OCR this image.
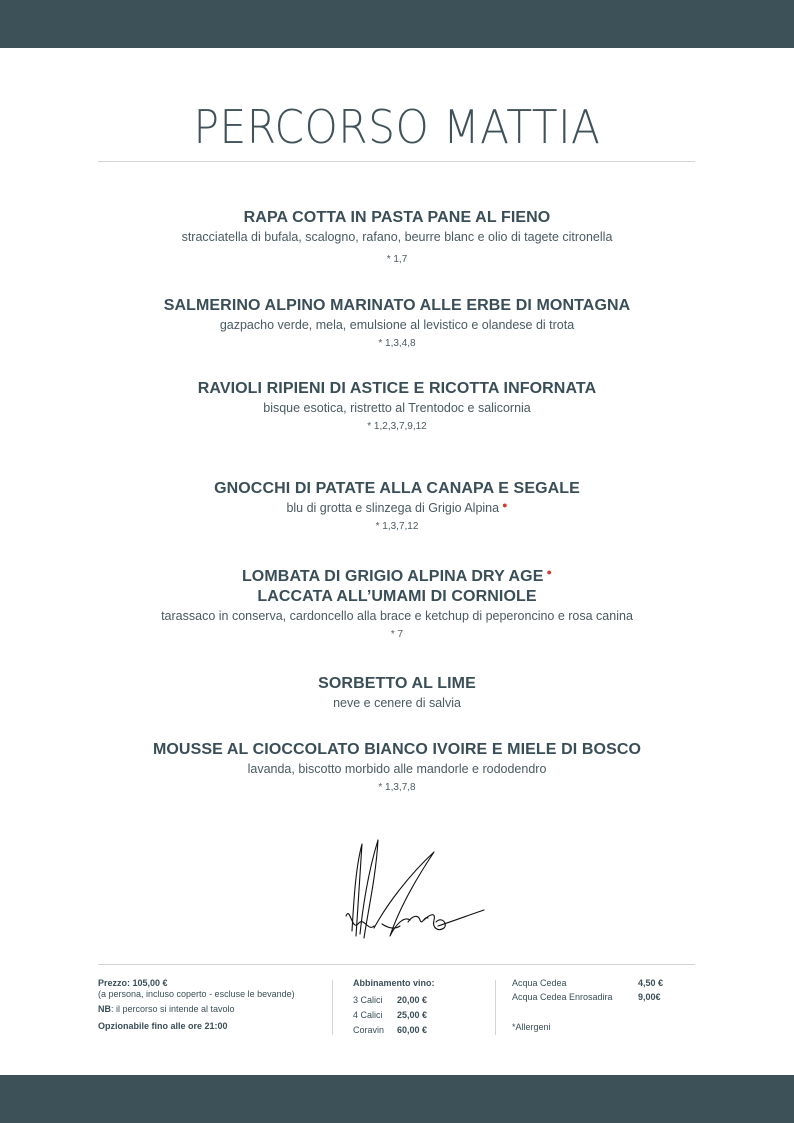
PERCORSO MATTIA
RAPA COTTA IN PASTA PANE AL FIENO
stracciatella di bufala, scalogno, rafano, beurre blanc e olio di tagete citronella
* 1,7
SALMERINO ALPINO MARINATO ALLE ERBE DI MONTAGNA
gazpacho verde, mela, emulsione al levistico e olandese di trota
* 1,3,4,8
RAVIOLI RIPIENI DI ASTICE E RICOTTA INFORNATA
bisque esotica, ristretto al Trentodoc e salicornia
* 1,2,3,7,9,12
GNOCCHI DI PATATE ALLA CANAPA E SEGALE
blu di grotta e slinzega di Grigio Alpina ●
* 1,3,7,12
LOMBATA DI GRIGIO ALPINA DRY AGE ●
LACCATA ALL’UMAMI DI CORNIOLE
tarassaco in conserva, cardoncello alla brace e ketchup di peperoncino e rosa canina
* 7
SORBETTO AL LIME
neve e cenere di salvia
MOUSSE AL CIOCCOLATO BIANCO IVOIRE E MIELE DI BOSCO
lavanda, biscotto morbido alle mandorle e rododendro
* 1,3,7,8
Prezzo: 105,00 €
(a persona, incluso coperto - escluse le bevande)
NB: il percorso si intende al tavolo
Opzionabile fino alle ore 21:00
Abbinamento vino:
3 Calici	20,00 €
4 Calici	25,00 €
Coravin	60,00 €
Acqua Cedea	4,50 €
Acqua Cedea Enrosadira	9,00€
*Allergeni
